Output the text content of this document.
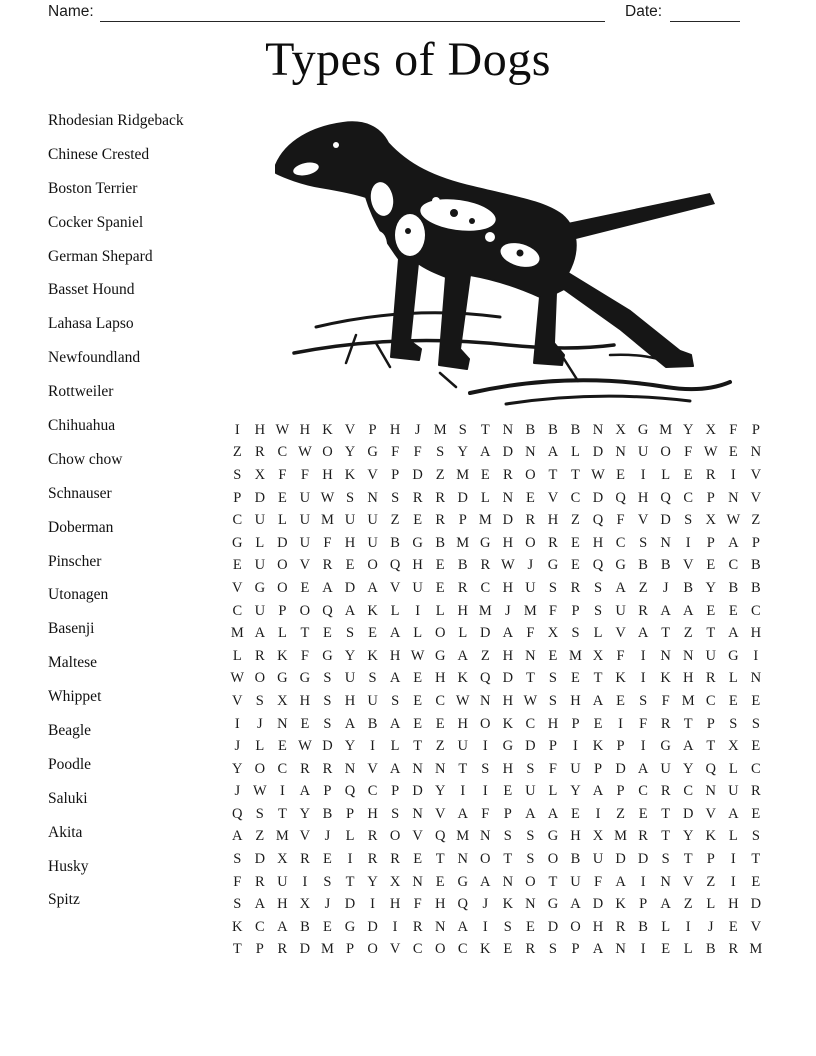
Name:	Date:
Types of Dogs
Rhodesian Ridgeback
Chinese Crested
Boston Terrier
Cocker Spaniel
German Shepard
Basset Hound
Lahasa Lapso
Newfoundland
Rottweiler
Chihuahua
Chow chow
Schnauser
Doberman
Pinscher
Utonagen
Basenji
Maltese
Whippet
Beagle
Poodle
Saluki
Akita
Husky
Spitz
I	H W H K V P H J M S T N B B B N X G M Y X F P
Z R C W O Y G F F S Y A D N A L D N U O F W E N
S X F F H K V P D Z M E R O T T W E	I	L E R	I	V
P D E U W S N S R R D L N E V C D Q H Q C P N V
C U L U M U U Z E R P M D R H Z Q F V D S X W Z
G L D U F H U B G B M G H O R E H C S N	I	P A P
E U O V R E O Q H E B R W J G E Q G B B V E C B
V G O E A D A V U E R C H U S R S A Z	J	B Y B B
C U P O Q A K L	I	L H M J M F P S U R A A E E C
M A L T E S E A L O L D A F X S L V A T Z T A H
L R K F G Y K H W G A Z H N E M X F	I	N N U G	I
W O G G S U S A E H K Q D T S E T K	I	K H R L N
V S X H S H U S E C W N H W S H A E S F M C E E
I	J N E S A B A E E H O K C H P E	I	F R T P S S
J	L E W D Y	I	L T Z U	I	G D P	I	K P	I	G A T X E
Y O C R R N V A N N T S H S F U P D A U Y Q L C
J W I	A P Q C P D Y	I	I	E U L Y A P C R C N U R
Q S T Y B P H S N V A F P A A E	I	Z E T D V A E
A Z M V J	L R O V Q M N S S G H X M R T Y K L S
S D X R E	I	R R E T N O T S O B U D D S T P	I	T
F R U	I	S T Y X N E G A N O T U F A	I	N V Z	I	E
S A H X J D	I	H F H Q J K N G A D K P A Z L H D
K C A B E G D	I	R N A	I	S E D O H R B L	I	J	E V
T P R D M P O V C O C K E R S P A N	I	E L B R M
